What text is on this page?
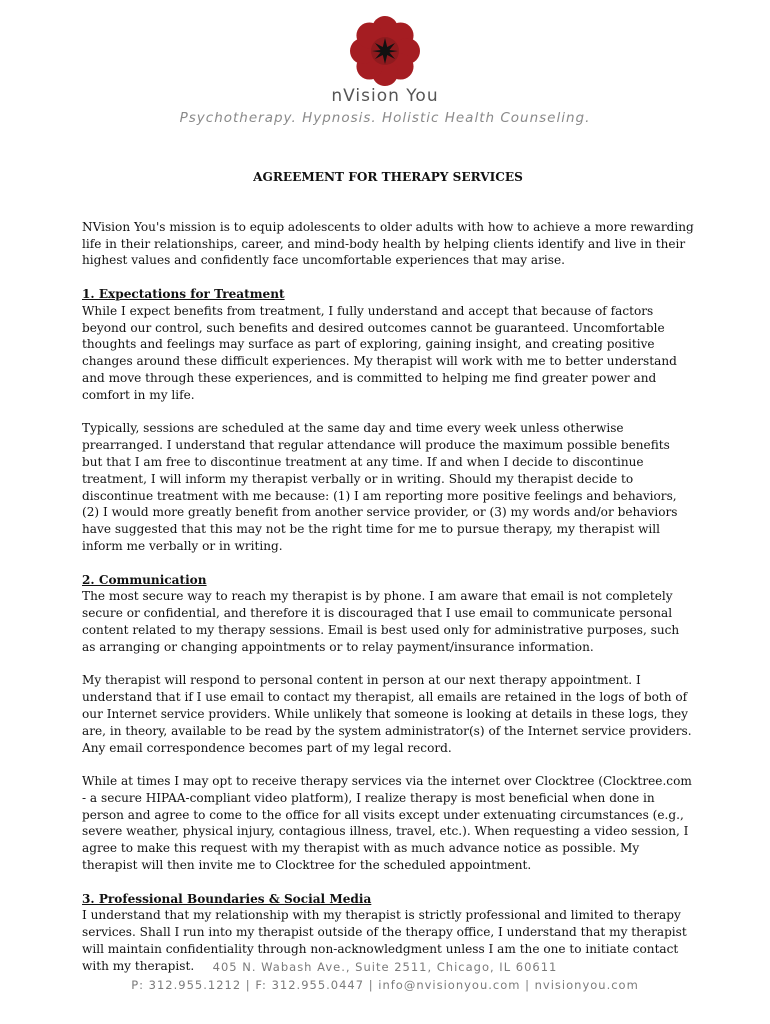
nVision You
Psychotherapy. Hypnosis. Holistic Health Counseling.
AGREEMENT FOR THERAPY SERVICES

NVision You's mission is to equip adolescents to older adults with how to achieve a more rewarding life in their relationships, career, and mind-body health by helping clients identify and live in their highest values and confidently face uncomfortable experiences that may arise.

1. Expectations for Treatment

While I expect benefits from treatment, I fully understand and accept that because of factors beyond our control, such benefits and desired outcomes cannot be guaranteed. Uncomfortable thoughts and feelings may surface as part of exploring, gaining insight, and creating positive changes around these difficult experiences. My therapist will work with me to better understand and move through these experiences, and is committed to helping me find greater power and comfort in my life.

Typically, sessions are scheduled at the same day and time every week unless otherwise prearranged. I understand that regular attendance will produce the maximum possible benefits but that I am free to discontinue treatment at any time. If and when I decide to discontinue treatment, I will inform my therapist verbally or in writing. Should my therapist decide to discontinue treatment with me because: (1) I am reporting more positive feelings and behaviors, (2) I would more greatly benefit from another service provider, or (3) my words and/or behaviors have suggested that this may not be the right time for me to pursue therapy, my therapist will inform me verbally or in writing.

2. Communication

The most secure way to reach my therapist is by phone. I am aware that email is not completely secure or confidential, and therefore it is discouraged that I use email to communicate personal content related to my therapy sessions. Email is best used only for administrative purposes, such as arranging or changing appointments or to relay payment/insurance information.

My therapist will respond to personal content in person at our next therapy appointment. I understand that if I use email to contact my therapist, all emails are retained in the logs of both of our Internet service providers. While unlikely that someone is looking at details in these logs, they are, in theory, available to be read by the system administrator(s) of the Internet service providers. Any email correspondence becomes part of my legal record.

While at times I may opt to receive therapy services via the internet over Clocktree (Clocktree.com - a secure HIPAA-compliant video platform), I realize therapy is most beneficial when done in person and agree to come to the office for all visits except under extenuating circumstances (e.g., severe weather, physical injury, contagious illness, travel, etc.). When requesting a video session, I agree to make this request with my therapist with as much advance notice as possible. My therapist will then invite me to Clocktree for the scheduled appointment.

3. Professional Boundaries & Social Media

I understand that my relationship with my therapist is strictly professional and limited to therapy services. Shall I run into my therapist outside of the therapy office, I understand that my therapist will maintain confidentiality through non-acknowledgment unless I am the one to initiate contact with my therapist.	405 N. Wabash Ave., Suite 2511, Chicago, IL 60611
P: 312.955.1212 | F: 312.955.0447 | info@nvisionyou.com | nvisionyou.com
